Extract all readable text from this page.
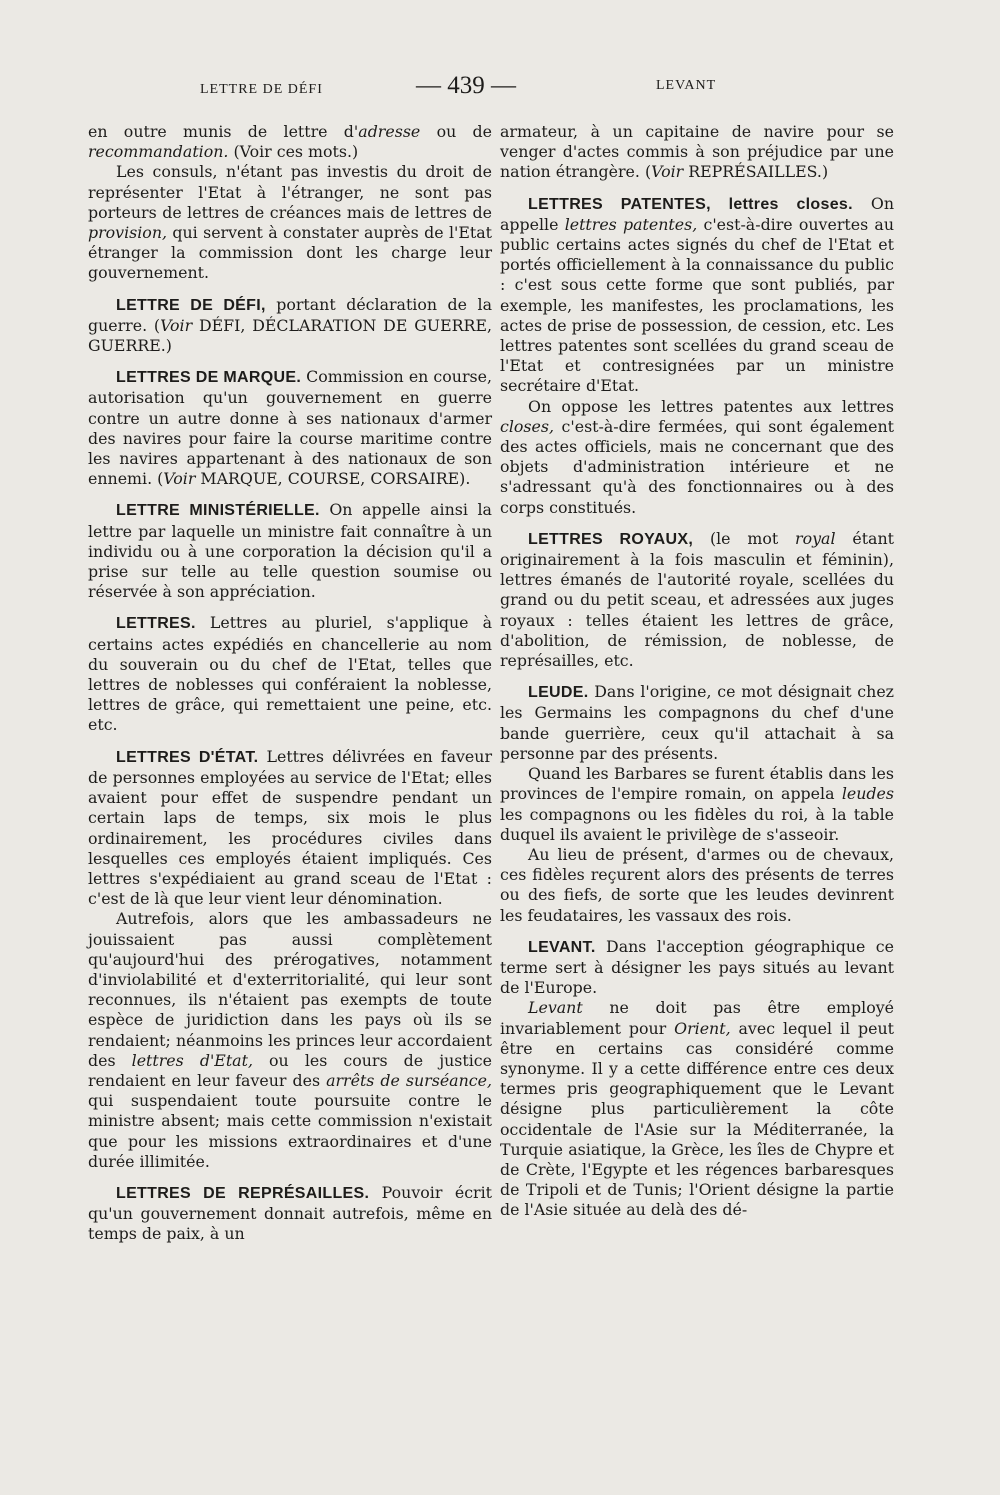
LETTRE DE DÉFI	— 439 —	LEVANT

en outre munis de lettre d'adresse ou de recommandation. (Voir ces mots.)

Les consuls, n'étant pas investis du droit de représenter l'Etat à l'étranger, ne sont pas porteurs de lettres de créances mais de lettres de provision, qui servent à constater auprès de l'Etat étranger la commission dont les charge leur gouvernement.

LETTRE DE DÉFI, portant déclaration de la guerre. (Voir DÉFI, DÉCLARATION DE GUERRE, GUERRE.)

LETTRES DE MARQUE. Commission en course, autorisation qu'un gouvernement en guerre contre un autre donne à ses nationaux d'armer des navires pour faire la course maritime contre les navires appartenant à des nationaux de son ennemi. (Voir MARQUE, COURSE, CORSAIRE).

LETTRE MINISTÉRIELLE. On appelle ainsi la lettre par laquelle un ministre fait connaître à un individu ou à une corporation la décision qu'il a prise sur telle au telle question soumise ou réservée à son appréciation.

LETTRES. Lettres au pluriel, s'applique à certains actes expédiés en chancellerie au nom du souverain ou du chef de l'Etat, telles que lettres de noblesses qui conféraient la noblesse, lettres de grâce, qui remettaient une peine, etc. etc.

LETTRES D'ÉTAT. Lettres délivrées en faveur de personnes employées au service de l'Etat; elles avaient pour effet de suspendre pendant un certain laps de temps, six mois le plus ordinairement, les procédures civiles dans lesquelles ces employés étaient impliqués. Ces lettres s'expédiaient au grand sceau de l'Etat : c'est de là que leur vient leur dénomination.

Autrefois, alors que les ambassadeurs ne jouissaient pas aussi complètement qu'aujourd'hui des prérogatives, notamment d'inviolabilité et d'exterritorialité, qui leur sont reconnues, ils n'étaient pas exempts de toute espèce de juridiction dans les pays où ils se rendaient; néanmoins les princes leur accordaient des lettres d'Etat, ou les cours de justice rendaient en leur faveur des arrêts de surséance, qui suspendaient toute poursuite contre le ministre absent; mais cette commission n'existait que pour les missions extraordinaires et d'une durée illimitée.

LETTRES DE REPRÉSAILLES. Pouvoir écrit qu'un gouvernement donnait autrefois, même en temps de paix, à un

armateur, à un capitaine de navire pour se venger d'actes commis à son préjudice par une nation étrangère. (Voir REPRÉSAILLES.)

LETTRES PATENTES, lettres closes. On appelle lettres patentes, c'est-à-dire ouvertes au public certains actes signés du chef de l'Etat et portés officiellement à la connaissance du public : c'est sous cette forme que sont publiés, par exemple, les manifestes, les proclamations, les actes de prise de possession, de cession, etc. Les lettres patentes sont scellées du grand sceau de l'Etat et contresignées par un ministre secrétaire d'Etat.

On oppose les lettres patentes aux lettres closes, c'est-à-dire fermées, qui sont également des actes officiels, mais ne concernant que des objets d'administration intérieure et ne s'adressant qu'à des fonctionnaires ou à des corps constitués.

LETTRES ROYAUX, (le mot royal étant originairement à la fois masculin et féminin), lettres émanés de l'autorité royale, scellées du grand ou du petit sceau, et adressées aux juges royaux : telles étaient les lettres de grâce, d'abolition, de rémission, de noblesse, de représailles, etc.

LEUDE. Dans l'origine, ce mot désignait chez les Germains les compagnons du chef d'une bande guerrière, ceux qu'il attachait à sa personne par des présents.

Quand les Barbares se furent établis dans les provinces de l'empire romain, on appela leudes les compagnons ou les fidèles du roi, à la table duquel ils avaient le privilège de s'asseoir.

Au lieu de présent, d'armes ou de chevaux, ces fidèles reçurent alors des présents de terres ou des fiefs, de sorte que les leudes devinrent les feudataires, les vassaux des rois.

LEVANT. Dans l'acception géographique ce terme sert à désigner les pays situés au levant de l'Europe.

Levant ne doit pas être employé invariablement pour Orient, avec lequel il peut être en certains cas considéré comme synonyme. Il y a cette différence entre ces deux termes pris geographiquement que le Levant désigne plus particulièrement la côte occidentale de l'Asie sur la Méditerranée, la Turquie asiatique, la Grèce, les îles de Chypre et de Crète, l'Egypte et les régences barbaresques de Tripoli et de Tunis; l'Orient désigne la partie de l'Asie située au delà des dé-
